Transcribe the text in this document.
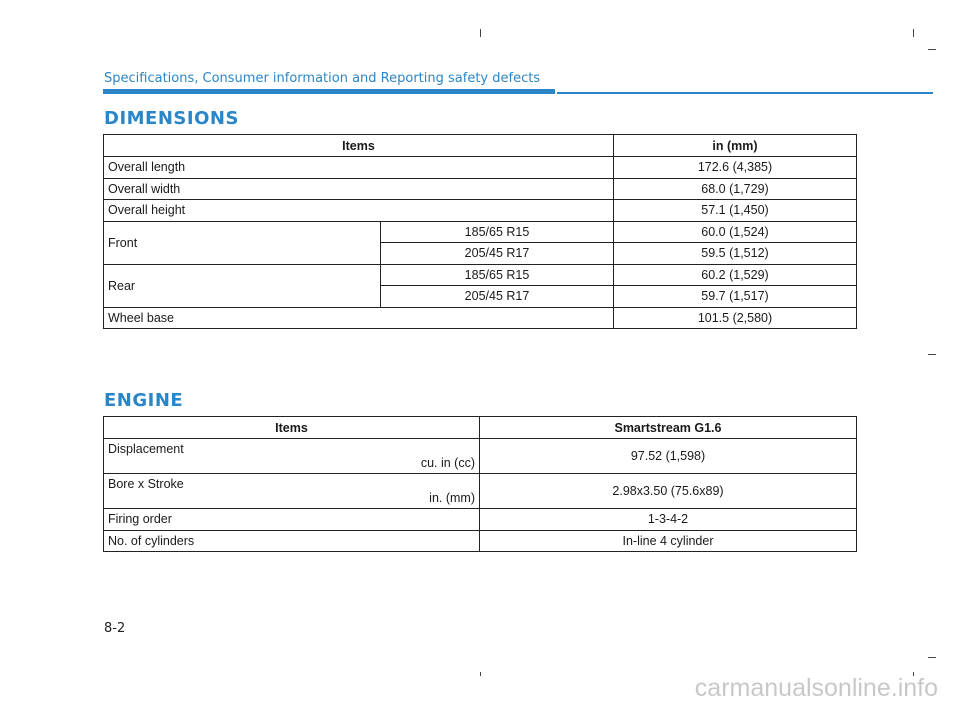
Specifications, Consumer information and Reporting safety defects
DIMENSIONS
Items		in (mm)
Overall length		172.6 (4,385)
Overall width		68.0 (1,729)
Overall height		57.1 (1,450)
Front	185/65 R15	60.0 (1,524)
	205/45 R17	59.5 (1,512)
Rear	185/65 R15	60.2 (1,529)
	205/45 R17	59.7 (1,517)
Wheel base		101.5 (2,580)
ENGINE
Items	Smartstream G1.6

Displacement
cu. in (cc)	97.52 (1,598)

Bore x Stroke
in. (mm)	2.98x3.50 (75.6x89)
Firing order	1-3-4-2
No. of cylinders	In-line 4 cylinder
8-2
carmanualsonline.info
